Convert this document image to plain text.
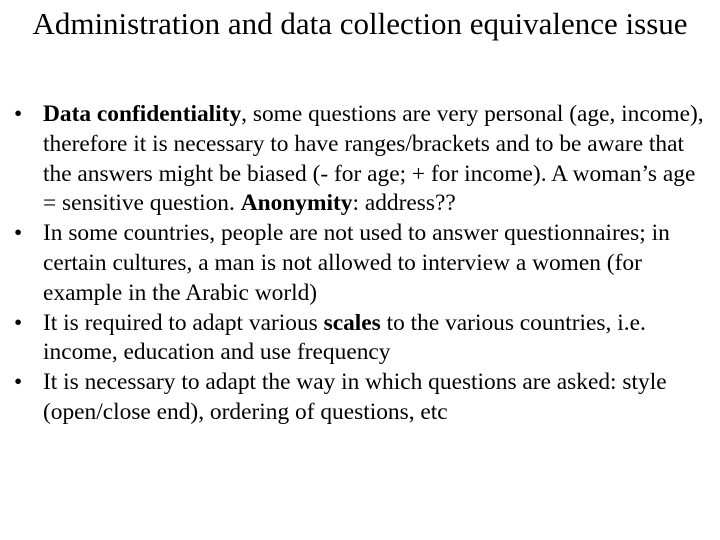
Administration and data collection equivalence issue
• Data confidentiality, some questions are very personal (age, income), therefore it is necessary to have ranges/brackets and to be aware that the answers might be biased (- for age; + for income). A woman’s age = sensitive question. Anonymity: address??
• In some countries, people are not used to answer questionnaires; in certain cultures, a man is not allowed to interview a women (for example in the Arabic world)
• It is required to adapt various scales to the various countries, i.e. income, education and use frequency
• It is necessary to adapt the way in which questions are asked: style (open/close end), ordering of questions, etc
